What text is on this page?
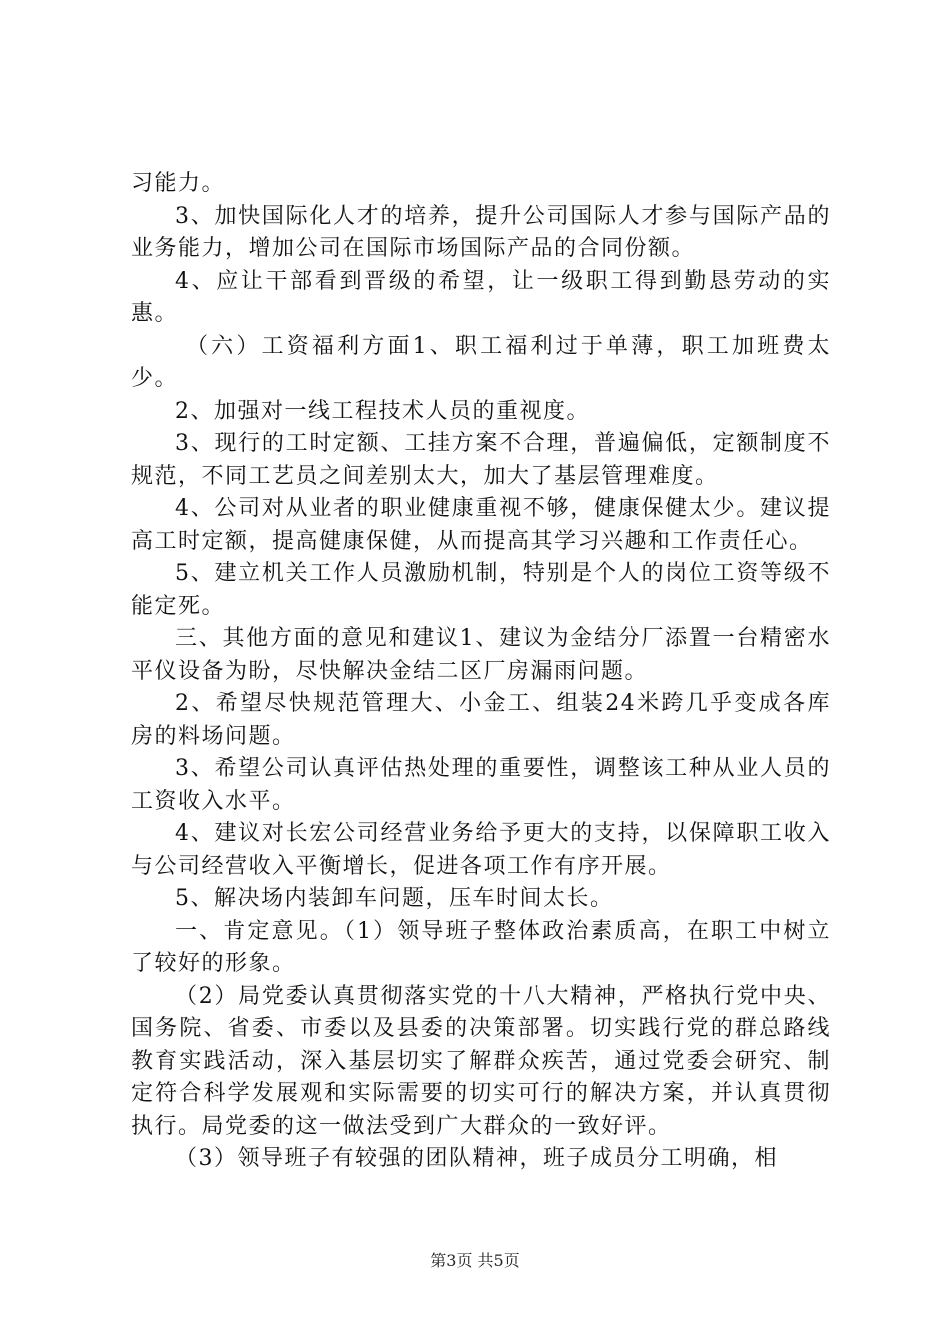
习能力。

3、加快国际化人才的培养，提升公司国际人才参与国际产品的业务能力，增加公司在国际市场国际产品的合同份额。

4、应让干部看到晋级的希望，让一级职工得到勤恳劳动的实惠。

（六）工资福利方面1、职工福利过于单薄，职工加班费太少。

2、加强对一线工程技术人员的重视度。

3、现行的工时定额、工挂方案不合理，普遍偏低，定额制度不规范，不同工艺员之间差别太大，加大了基层管理难度。

4、公司对从业者的职业健康重视不够，健康保健太少。建议提高工时定额，提高健康保健，从而提高其学习兴趣和工作责任心。

5、建立机关工作人员激励机制，特别是个人的岗位工资等级不能定死。

三、其他方面的意见和建议1、建议为金结分厂添置一台精密水平仪设备为盼，尽快解决金结二区厂房漏雨问题。

2、希望尽快规范管理大、小金工、组装24米跨几乎变成各库房的料场问题。

3、希望公司认真评估热处理的重要性，调整该工种从业人员的工资收入水平。

4、建议对长宏公司经营业务给予更大的支持，以保障职工收入与公司经营收入平衡增长，促进各项工作有序开展。

5、解决场内装卸车问题，压车时间太长。

一、肯定意见。（1）领导班子整体政治素质高，在职工中树立了较好的形象。

（2）局党委认真贯彻落实党的十八大精神，严格执行党中央、国务院、省委、市委以及县委的决策部署。切实践行党的群总路线教育实践活动，深入基层切实了解群众疾苦，通过党委会研究、制定符合科学发展观和实际需要的切实可行的解决方案，并认真贯彻执行。局党委的这一做法受到广大群众的一致好评。

（3）领导班子有较强的团队精神，班子成员分工明确，相

第3页 共5页
